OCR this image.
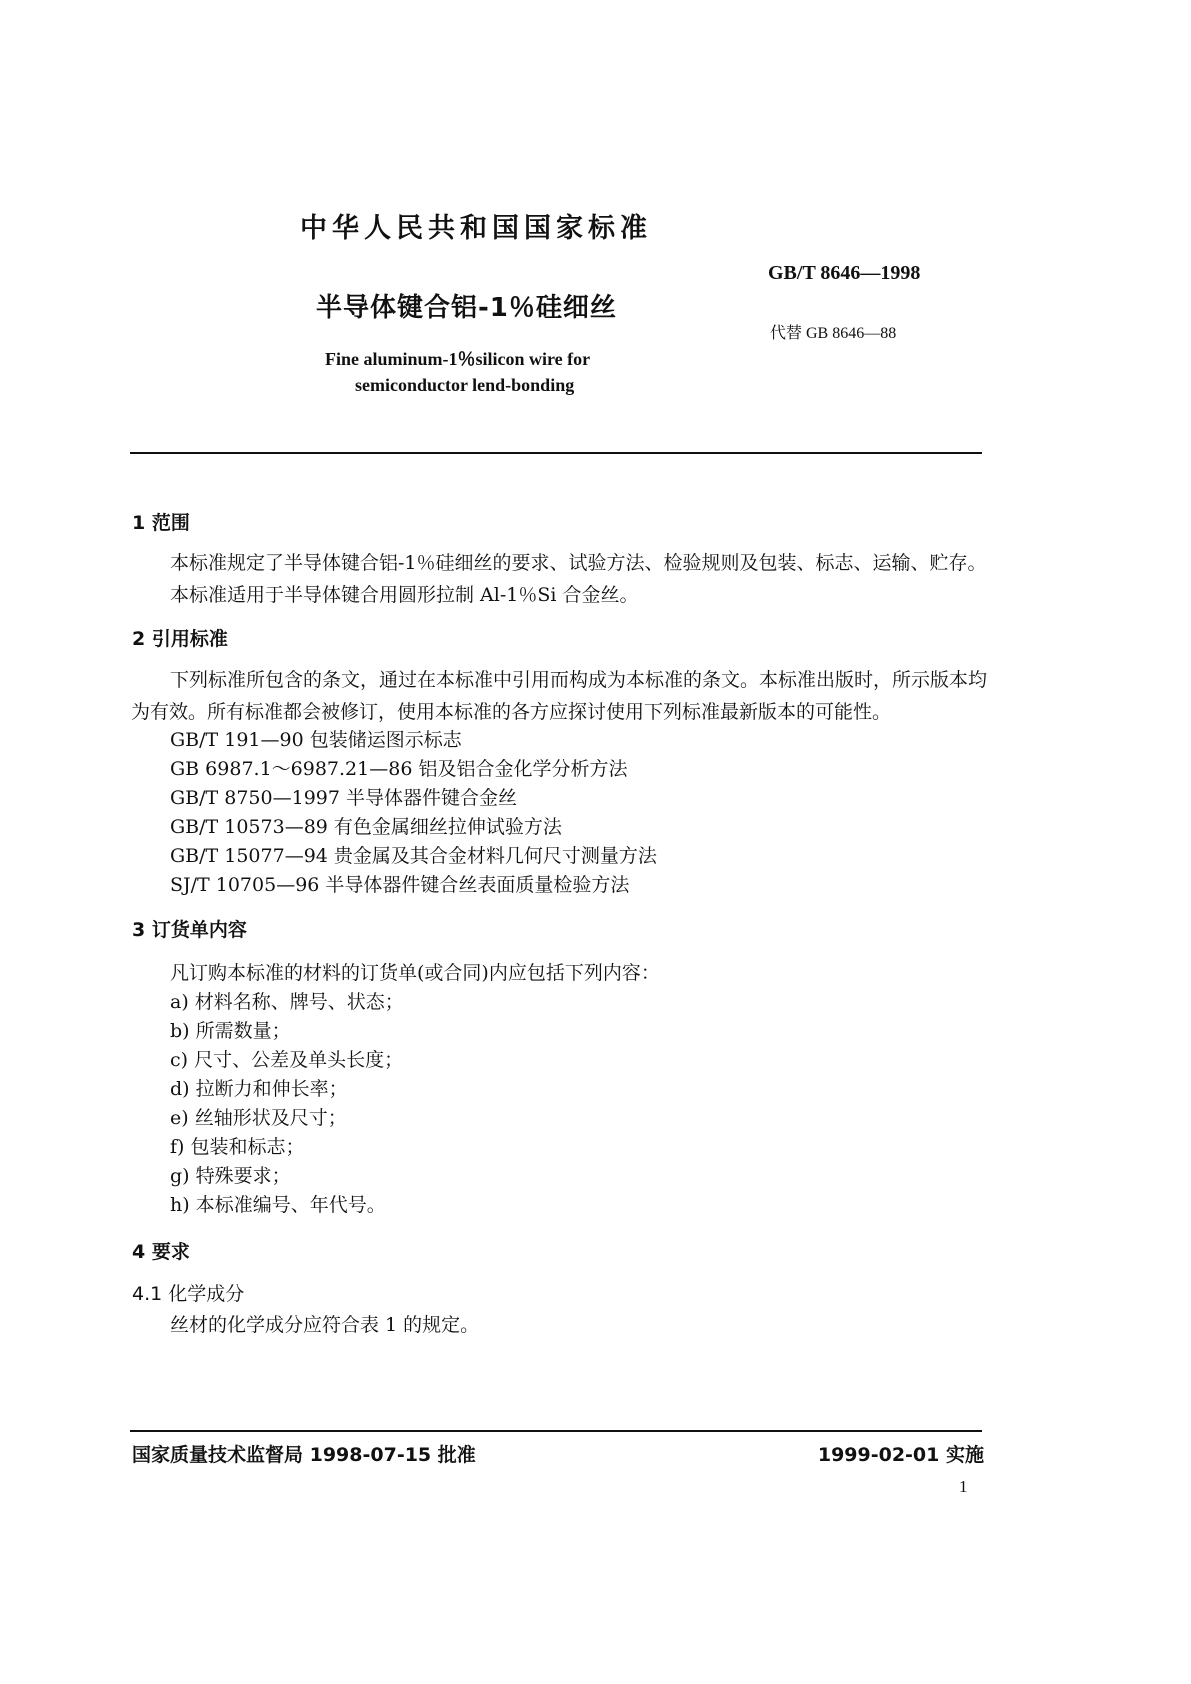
中华人民共和国国家标准
GB/T 8646—1998
半导体键合铝-1％硅细丝
代替 GB 8646—88
Fine aluminum-1％silicon wire for
semiconductor lend-bonding
1 范围
本标准规定了半导体键合铝-1％硅细丝的要求、试验方法、检验规则及包装、标志、运输、贮存。
本标准适用于半导体键合用圆形拉制 Al-1％Si 合金丝。
2 引用标准
下列标准所包含的条文，通过在本标准中引用而构成为本标准的条文。本标准出版时，所示版本均
为有效。所有标准都会被修订，使用本标准的各方应探讨使用下列标准最新版本的可能性。
GB/T 191—90 包装储运图示标志
GB 6987.1～6987.21—86 铝及铝合金化学分析方法
GB/T 8750—1997 半导体器件键合金丝
GB/T 10573—89 有色金属细丝拉伸试验方法
GB/T 15077—94 贵金属及其合金材料几何尺寸测量方法
SJ/T 10705—96 半导体器件键合丝表面质量检验方法
3 订货单内容
凡订购本标准的材料的订货单(或合同)内应包括下列内容：
a) 材料名称、牌号、状态；
b) 所需数量；
c) 尺寸、公差及单头长度；
d) 拉断力和伸长率；
e) 丝轴形状及尺寸；
f) 包装和标志；
g) 特殊要求；
h) 本标准编号、年代号。
4 要求
4.1 化学成分
丝材的化学成分应符合表 1 的规定。
国家质量技术监督局 1998-07-15 批准	1999-02-01 实施
1
